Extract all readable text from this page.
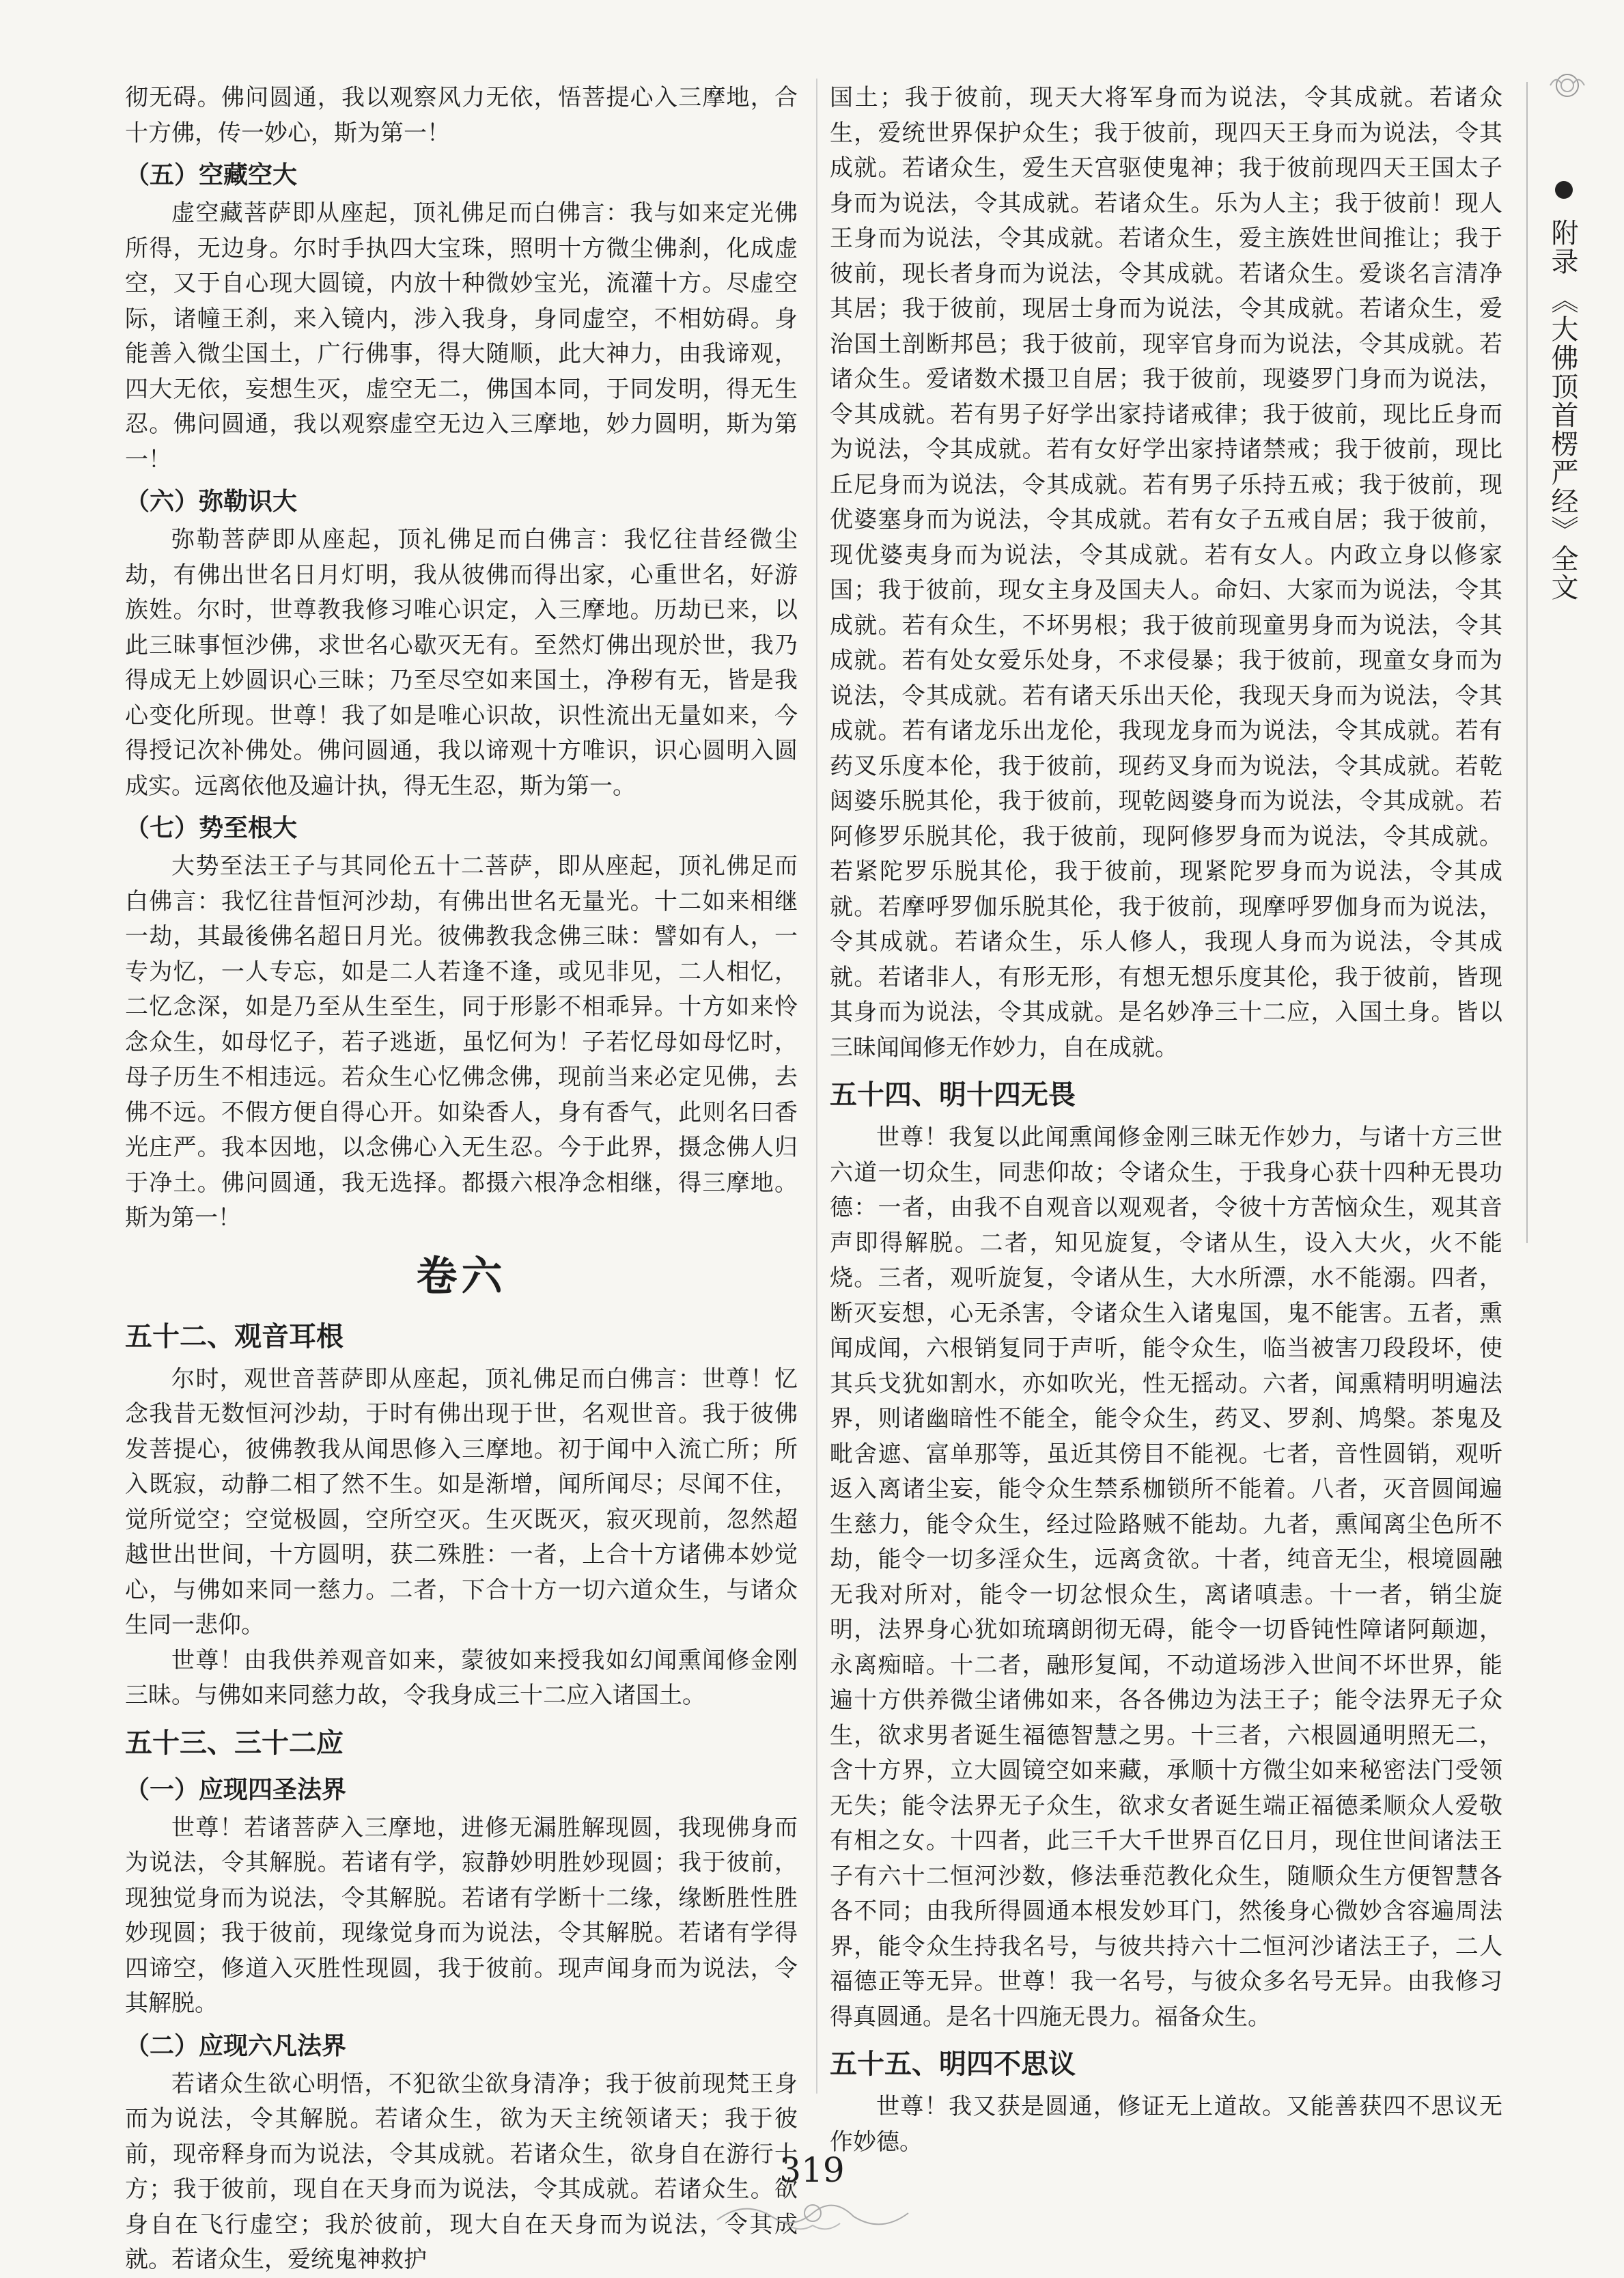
彻无碍。佛问圆通，我以观察风力无依，悟菩提心入三摩地，合十方佛，传一妙心，斯为第一！

（五）空藏空大

虚空藏菩萨即从座起，顶礼佛足而白佛言：我与如来定光佛所得，无边身。尔时手执四大宝珠，照明十方微尘佛刹，化成虚空，又于自心现大圆镜，内放十种微妙宝光，流灌十方。尽虚空际，诸幢王刹，来入镜内，涉入我身，身同虚空，不相妨碍。身能善入微尘国土，广行佛事，得大随顺，此大神力，由我谛观，四大无依，妄想生灭，虚空无二，佛国本同，于同发明，得无生忍。佛问圆通，我以观察虚空无边入三摩地，妙力圆明，斯为第一！

（六）弥勒识大

弥勒菩萨即从座起，顶礼佛足而白佛言：我忆往昔经微尘劫，有佛出世名日月灯明，我从彼佛而得出家，心重世名，好游族姓。尔时，世尊教我修习唯心识定，入三摩地。历劫已来，以此三昧事恒沙佛，求世名心歇灭无有。至然灯佛出现於世，我乃得成无上妙圆识心三昧；乃至尽空如来国土，净秽有无，皆是我心变化所现。世尊！我了如是唯心识故，识性流出无量如来，今得授记次补佛处。佛问圆通，我以谛观十方唯识，识心圆明入圆成实。远离依他及遍计执，得无生忍，斯为第一。

（七）势至根大

大势至法王子与其同伦五十二菩萨，即从座起，顶礼佛足而白佛言：我忆往昔恒河沙劫，有佛出世名无量光。十二如来相继一劫，其最後佛名超日月光。彼佛教我念佛三昧：譬如有人，一专为忆，一人专忘，如是二人若逢不逢，或见非见，二人相忆，二忆念深，如是乃至从生至生，同于形影不相乖异。十方如来怜念众生，如母忆子，若子逃逝，虽忆何为！子若忆母如母忆时，母子历生不相违远。若众生心忆佛念佛，现前当来必定见佛，去佛不远。不假方便自得心开。如染香人，身有香气，此则名曰香光庄严。我本因地，以念佛心入无生忍。今于此界，摄念佛人归于净土。佛问圆通，我无选择。都摄六根净念相继，得三摩地。斯为第一！

卷六
五十二、观音耳根

尔时，观世音菩萨即从座起，顶礼佛足而白佛言：世尊！忆念我昔无数恒河沙劫，于时有佛出现于世，名观世音。我于彼佛发菩提心，彼佛教我从闻思修入三摩地。初于闻中入流亡所；所入既寂，动静二相了然不生。如是渐增，闻所闻尽；尽闻不住，觉所觉空；空觉极圆，空所空灭。生灭既灭，寂灭现前，忽然超越世出世间，十方圆明，获二殊胜：一者，上合十方诸佛本妙觉心，与佛如来同一慈力。二者，下合十方一切六道众生，与诸众生同一悲仰。

世尊！由我供养观音如来，蒙彼如来授我如幻闻熏闻修金刚三昧。与佛如来同慈力故，令我身成三十二应入诸国土。

五十三、三十二应
（一）应现四圣法界

世尊！若诸菩萨入三摩地，进修无漏胜解现圆，我现佛身而为说法，令其解脱。若诸有学，寂静妙明胜妙现圆；我于彼前，现独觉身而为说法，令其解脱。若诸有学断十二缘，缘断胜性胜妙现圆；我于彼前，现缘觉身而为说法，令其解脱。若诸有学得四谛空，修道入灭胜性现圆，我于彼前。现声闻身而为说法，令其解脱。

（二）应现六凡法界

若诸众生欲心明悟，不犯欲尘欲身清净；我于彼前现梵王身而为说法，令其解脱。若诸众生，欲为天主统领诸天；我于彼前，现帝释身而为说法，令其成就。若诸众生，欲身自在游行十方；我于彼前，现自在天身而为说法，令其成就。若诸众生。欲身自在飞行虚空；我於彼前，现大自在天身而为说法，令其成就。若诸众生，爱统鬼神救护

国土；我于彼前，现天大将军身而为说法，令其成就。若诸众生，爱统世界保护众生；我于彼前，现四天王身而为说法，令其成就。若诸众生，爱生天宫驱使鬼神；我于彼前现四天王国太子身而为说法，令其成就。若诸众生。乐为人主；我于彼前！现人王身而为说法，令其成就。若诸众生，爱主族姓世间推让；我于彼前，现长者身而为说法，令其成就。若诸众生。爱谈名言清净其居；我于彼前，现居士身而为说法，令其成就。若诸众生，爱治国土剖断邦邑；我于彼前，现宰官身而为说法，令其成就。若诸众生。爱诸数术摄卫自居；我于彼前，现婆罗门身而为说法，令其成就。若有男子好学出家持诸戒律；我于彼前，现比丘身而为说法，令其成就。若有女好学出家持诸禁戒；我于彼前，现比丘尼身而为说法，令其成就。若有男子乐持五戒；我于彼前，现优婆塞身而为说法，令其成就。若有女子五戒自居；我于彼前，现优婆夷身而为说法，令其成就。若有女人。内政立身以修家国；我于彼前，现女主身及国夫人。命妇、大家而为说法，令其成就。若有众生，不坏男根；我于彼前现童男身而为说法，令其成就。若有处女爱乐处身，不求侵暴；我于彼前，现童女身而为说法，令其成就。若有诸天乐出天伦，我现天身而为说法，令其成就。若有诸龙乐出龙伦，我现龙身而为说法，令其成就。若有药叉乐度本伦，我于彼前，现药叉身而为说法，令其成就。若乾闼婆乐脱其伦，我于彼前，现乾闼婆身而为说法，令其成就。若阿修罗乐脱其伦，我于彼前，现阿修罗身而为说法，令其成就。若紧陀罗乐脱其伦，我于彼前，现紧陀罗身而为说法，令其成就。若摩呼罗伽乐脱其伦，我于彼前，现摩呼罗伽身而为说法，令其成就。若诸众生，乐人修人，我现人身而为说法，令其成就。若诸非人，有形无形，有想无想乐度其伦，我于彼前，皆现其身而为说法，令其成就。是名妙净三十二应，入国土身。皆以三昧闻闻修无作妙力，自在成就。

五十四、明十四无畏

世尊！我复以此闻熏闻修金刚三昧无作妙力，与诸十方三世六道一切众生，同悲仰故；令诸众生，于我身心获十四种无畏功德：一者，由我不自观音以观观者，令彼十方苦恼众生，观其音声即得解脱。二者，知见旋复，令诸从生，设入大火，火不能烧。三者，观听旋复，令诸从生，大水所漂，水不能溺。四者，断灭妄想，心无杀害，令诸众生入诸鬼国，鬼不能害。五者，熏闻成闻，六根销复同于声听，能令众生，临当被害刀段段坏，使其兵戈犹如割水，亦如吹光，性无摇动。六者，闻熏精明明遍法界，则诸幽暗性不能全，能令众生，药叉、罗刹、鸠槃。茶鬼及毗舍遮、富单那等，虽近其傍目不能视。七者，音性圆销，观听返入离诸尘妄，能令众生禁系枷锁所不能着。八者，灭音圆闻遍生慈力，能令众生，经过险路贼不能劫。九者，熏闻离尘色所不劫，能令一切多淫众生，远离贪欲。十者，纯音无尘，根境圆融无我对所对，能令一切忿恨众生，离诸嗔恚。十一者，销尘旋明，法界身心犹如琉璃朗彻无碍，能令一切昏钝性障诸阿颠迦，永离痴暗。十二者，融形复闻，不动道场涉入世间不坏世界，能遍十方供养微尘诸佛如来，各各佛边为法王子；能令法界无子众生，欲求男者诞生福德智慧之男。十三者，六根圆通明照无二，含十方界，立大圆镜空如来藏，承顺十方微尘如来秘密法门受领无失；能令法界无子众生，欲求女者诞生端正福德柔顺众人爱敬有相之女。十四者，此三千大千世界百亿日月，现住世间诸法王子有六十二恒河沙数，修法垂范教化众生，随顺众生方便智慧各各不同；由我所得圆通本根发妙耳门，然後身心微妙含容遍周法界，能令众生持我名号，与彼共持六十二恒河沙诸法王子，二人福德正等无异。世尊！我一名号，与彼众多名号无异。由我修习得真圆通。是名十四施无畏力。福备众生。

五十五、明四不思议

世尊！我又获是圆通，修证无上道故。又能善获四不思议无作妙德。

附录 《大佛顶首楞严经》全文
319
